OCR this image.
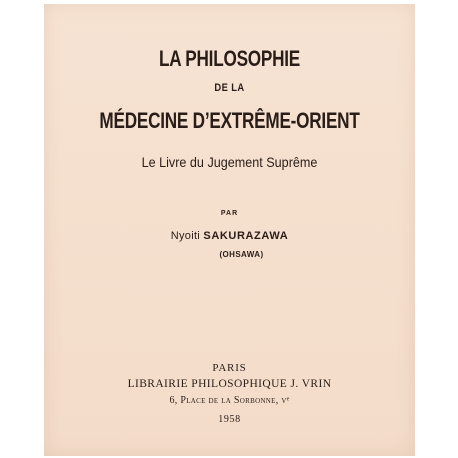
LA PHILOSOPHIE
DE LA
MÉDECINE D’EXTRÊME-ORIENT
Le Livre du Jugement Suprême
PAR
Nyoiti SAKURAZAWA
(OHSAWA)
PARIS
LIBRAIRIE PHILOSOPHIQUE J. VRIN
6, Place de la Sorbonne, vᵉ
1958
